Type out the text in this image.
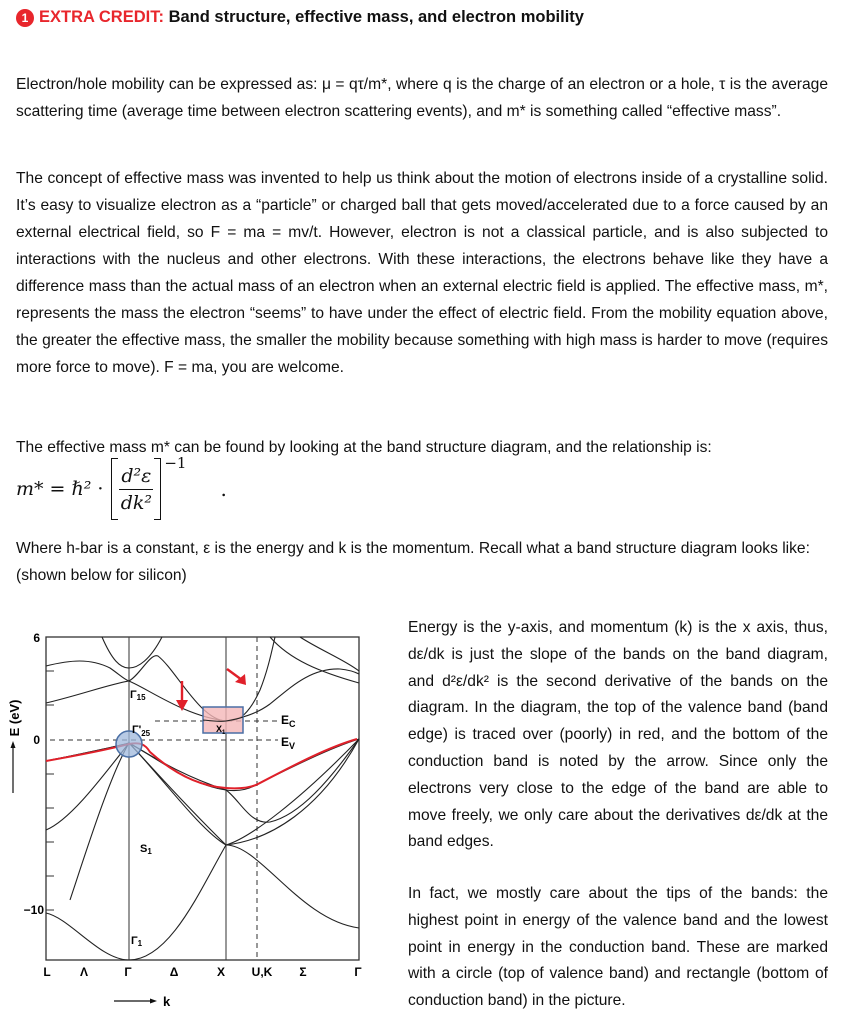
1 EXTRA CREDIT:
Band structure, effective mass, and electron mobility

Electron/hole mobility can be expressed as: μ = qτ/m*, where q is the charge of an electron or a hole, τ is the average scattering time (average time between electron scattering events), and m* is something called “effective mass”.

The concept of effective mass was invented to help us think about the motion of electrons inside of a crystalline solid. It’s easy to visualize electron as a “particle” or charged ball that gets moved/accelerated due to a force caused by an external electrical field, so F = ma = mv/t. However, electron is not a classical particle, and is also subjected to interactions with the nucleus and other electrons. With these interactions, the electrons behave like they have a difference mass than the actual mass of an electron when an external electric field is applied. The effective mass, m*, represents the mass the electron “seems” to have under the effect of electric field. From the mobility equation above, the greater the effective mass, the smaller the mobility because something with high mass is harder to move (requires more force to move). F = ma, you are welcome.

The effective mass m* can be found by looking at the band structure diagram, and the relationship is:

m* = ℏ² · $\frac{\text{d²ε}}{\text{dk²}}$
−1
.

Where h-bar is a constant, ε is the energy and k is the momentum. Recall what a band structure diagram looks like: (shown below for silicon)

E (eV)
6
0
−10
Γ15
$\Gamma'_{25}$	$X_1$
$E_C$
$E_V$
S1
Γ1
L Λ	Γ	Δ	X U,K Σ	Γ
k

Energy is the y-axis, and momentum (k) is the x axis, thus, dε/dk is just the slope of the bands on the band diagram, and d²ε/dk² is the second derivative of the bands on the diagram. In the diagram, the top of the valence band (band edge) is traced over (poorly) in red, and the bottom of the conduction band is noted by the arrow. Since only the electrons very close to the edge of the band are able to move freely, we only care about the derivatives dε/dk at the band edges.

In fact, we mostly care about the tips of the bands: the highest point in energy of the valence band and the lowest point in energy in the conduction band. These are marked with a circle (top of valence band) and rectangle (bottom of conduction band) in the picture.
